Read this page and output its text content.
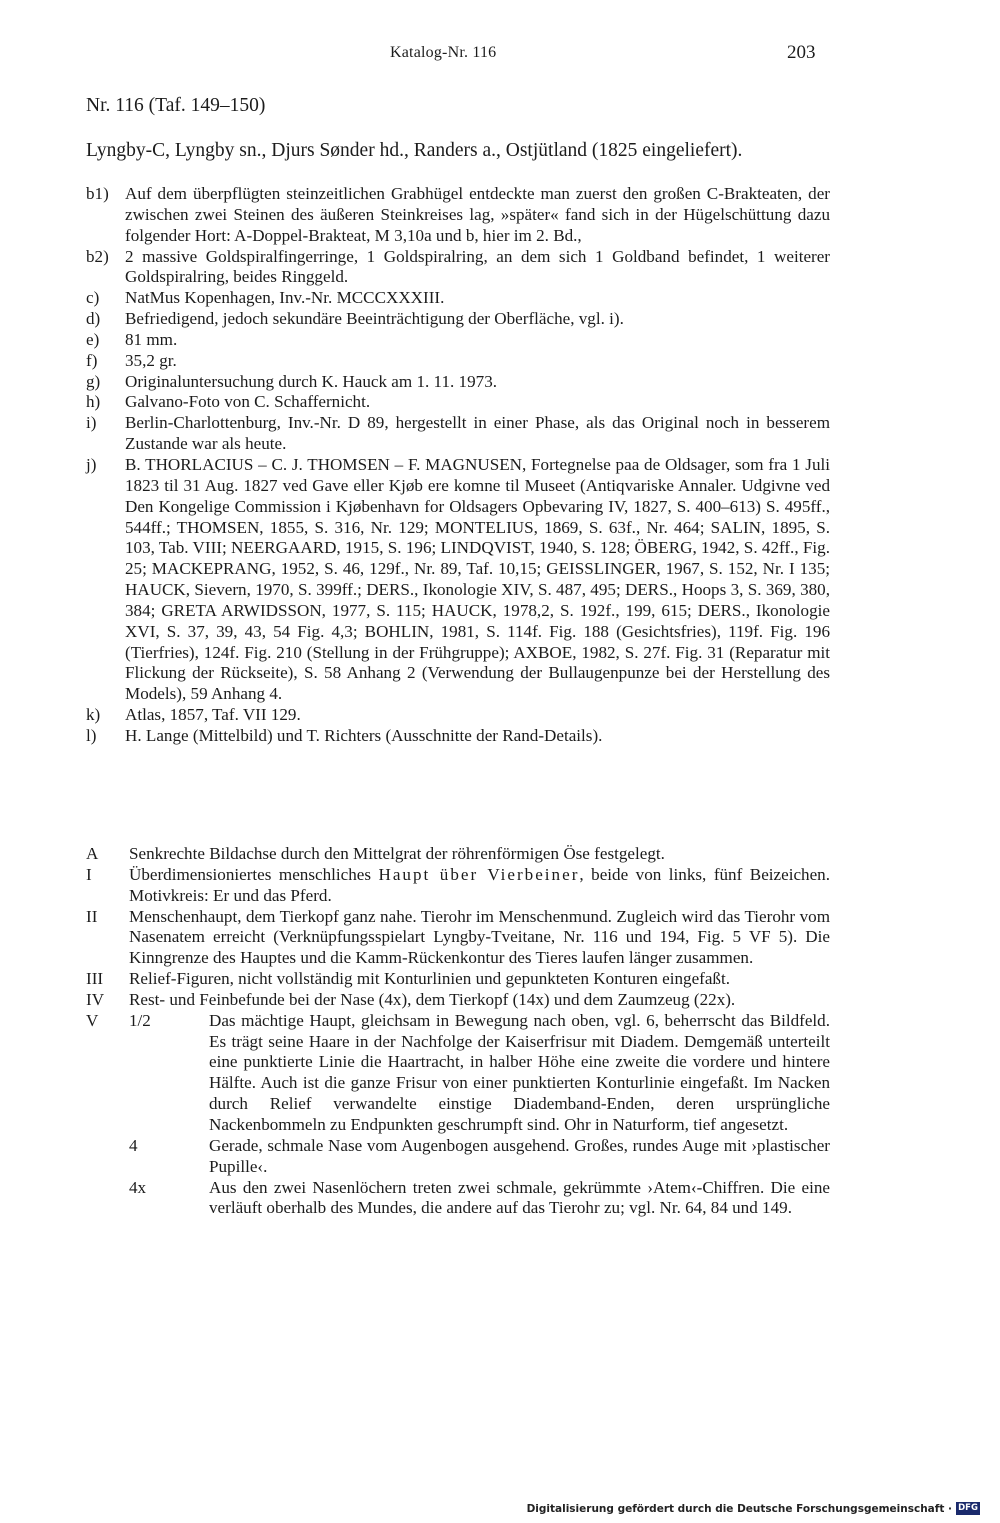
Katalog-Nr. 116	203
Nr. 116 (Taf. 149–150)
Lyngby-C, Lyngby sn., Djurs Sønder hd., Randers a., Ostjütland (1825 eingeliefert).
b1) Auf dem überpflügten steinzeitlichen Grabhügel entdeckte man zuerst den großen C-Brakteaten, der zwischen zwei Steinen des äußeren Steinkreises lag, »später« fand sich in der Hügelschüttung dazu folgender Hort: A-Doppel-Brakteat, M 3,10a und b, hier im 2. Bd.,
b2) 2 massive Goldspiralfingerringe, 1 Goldspiralring, an dem sich 1 Goldband befindet, 1 weiterer Goldspiralring, beides Ringgeld.
c)	NatMus Kopenhagen, Inv.-Nr. MCCCXXXIII.
d)	Befriedigend, jedoch sekundäre Beeinträchtigung der Oberfläche, vgl. i).
e)	81 mm.
f)	35,2 gr.
g)	Originaluntersuchung durch K. Hauck am 1. 11. 1973.
h)	Galvano-Foto von C. Schaffernicht.
i)	Berlin-Charlottenburg, Inv.-Nr. D 89, hergestellt in einer Phase, als das Original noch in besserem Zustande war als heute.
j)	B. THORLACIUS – C. J. THOMSEN – F. MAGNUSEN, Fortegnelse paa de Oldsager, som fra 1 Juli 1823 til 31 Aug. 1827 ved Gave eller Kjøb ere komne til Museet (Antiqvariske Annaler. Udgivne ved Den Kongelige Commission i Kjøbenhavn for Oldsagers Opbevaring IV, 1827, S. 400–613) S. 495ff., 544ff.; THOMSEN, 1855, S. 316, Nr. 129; MONTELIUS, 1869, S. 63f., Nr. 464; SALIN, 1895, S. 103, Tab. VIII; NEERGAARD, 1915, S. 196; LINDQVIST, 1940, S. 128; ÖBERG, 1942, S. 42ff., Fig. 25; MACKEPRANG, 1952, S. 46, 129f., Nr. 89, Taf. 10,15; GEISSLINGER, 1967, S. 152, Nr. I 135; HAUCK, Sievern, 1970, S. 399ff.; DERS., Ikonologie XIV, S. 487, 495; DERS., Hoops 3, S. 369, 380, 384; GRETA ARWIDSSON, 1977, S. 115; HAUCK, 1978,2, S. 192f., 199, 615; DERS., Ikonologie XVI, S. 37, 39, 43, 54 Fig. 4,3; BOHLIN, 1981, S. 114f. Fig. 188 (Gesichtsfries), 119f. Fig. 196 (Tierfries), 124f. Fig. 210 (Stellung in der Frühgruppe); AXBOE, 1982, S. 27f. Fig. 31 (Reparatur mit Flickung der Rückseite), S. 58 Anhang 2 (Verwendung der Bullaugenpunze bei der Herstellung des Models), 59 Anhang 4.
k)	Atlas, 1857, Taf. VII 129.
l)	H. Lange (Mittelbild) und T. Richters (Ausschnitte der Rand-Details).
A	Senkrechte Bildachse durch den Mittelgrat der röhrenförmigen Öse festgelegt.
I	Überdimensioniertes menschliches Haupt über Vierbeiner, beide von links, fünf Beizeichen. Motivkreis: Er und das Pferd.
II	Menschenhaupt, dem Tierkopf ganz nahe. Tierohr im Menschenmund. Zugleich wird das Tierohr vom Nasenatem erreicht (Verknüpfungsspielart Lyngby-Tveitane, Nr. 116 und 194, Fig. 5 VF 5). Die Kinngrenze des Hauptes und die Kamm-Rückenkontur des Tieres laufen länger zusammen.
III	Relief-Figuren, nicht vollständig mit Konturlinien und gepunkteten Konturen eingefaßt.
IV	Rest- und Feinbefunde bei der Nase (4x), dem Tierkopf (14x) und dem Zaumzeug (22x).
V	1/2	Das mächtige Haupt, gleichsam in Bewegung nach oben, vgl. 6, beherrscht das Bildfeld. Es trägt seine Haare in der Nachfolge der Kaiserfrisur mit Diadem. Demgemäß unterteilt eine punktierte Linie die Haartracht, in halber Höhe eine zweite die vordere und hintere Hälfte. Auch ist die ganze Frisur von einer punktierten Konturlinie eingefaßt. Im Nacken durch Relief verwandelte einstige Diademband-Enden, deren ursprüngliche Nackenbommeln zu Endpunkten geschrumpft sind. Ohr in Naturform, tief angesetzt.
4	Gerade, schmale Nase vom Augenbogen ausgehend. Großes, rundes Auge mit ›plastischer Pupille‹.
4x	Aus den zwei Nasenlöchern treten zwei schmale, gekrümmte ›Atem‹-Chiffren. Die eine verläuft oberhalb des Mundes, die andere auf das Tierohr zu; vgl. Nr. 64, 84 und 149.
Digitalisierung gefördert durch die Deutsche Forschungsgemeinschaft · DFG
